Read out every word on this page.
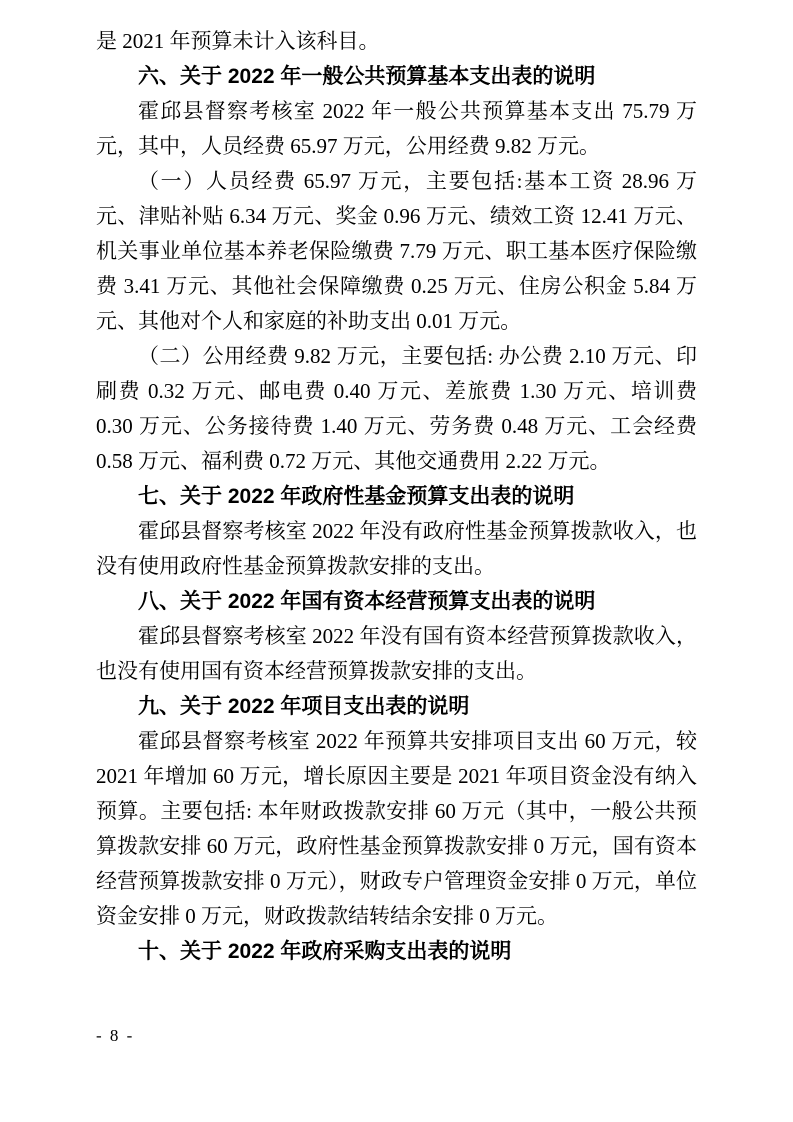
是 2021 年预算未计入该科目。

六、关于 2022 年一般公共预算基本支出表的说明

霍邱县督察考核室 2022 年一般公共预算基本支出 75.79 万元，其中，人员经费 65.97 万元，公用经费 9.82 万元。

（一）人员经费 65.97 万元，主要包括:基本工资 28.96 万元、津贴补贴 6.34 万元、奖金 0.96 万元、绩效工资 12.41 万元、机关事业单位基本养老保险缴费 7.79 万元、职工基本医疗保险缴费 3.41 万元、其他社会保障缴费 0.25 万元、住房公积金 5.84 万元、其他对个人和家庭的补助支出 0.01 万元。

（二）公用经费 9.82 万元，主要包括: 办公费 2.10 万元、印刷费 0.32 万元、邮电费 0.40 万元、差旅费 1.30 万元、培训费 0.30 万元、公务接待费 1.40 万元、劳务费 0.48 万元、工会经费 0.58 万元、福利费 0.72 万元、其他交通费用 2.22 万元。

七、关于 2022 年政府性基金预算支出表的说明

霍邱县督察考核室 2022 年没有政府性基金预算拨款收入，也没有使用政府性基金预算拨款安排的支出。

八、关于 2022 年国有资本经营预算支出表的说明

霍邱县督察考核室 2022 年没有国有资本经营预算拨款收入，也没有使用国有资本经营预算拨款安排的支出。

九、关于 2022 年项目支出表的说明

霍邱县督察考核室 2022 年预算共安排项目支出 60 万元，较 2021 年增加 60 万元，增长原因主要是 2021 年项目资金没有纳入预算。主要包括: 本年财政拨款安排 60 万元（其中，一般公共预算拨款安排 60 万元，政府性基金预算拨款安排 0 万元，国有资本经营预算拨款安排 0 万元），财政专户管理资金安排 0 万元，单位资金安排 0 万元，财政拨款结转结余安排 0 万元。

十、关于 2022 年政府采购支出表的说明

- 8 -
